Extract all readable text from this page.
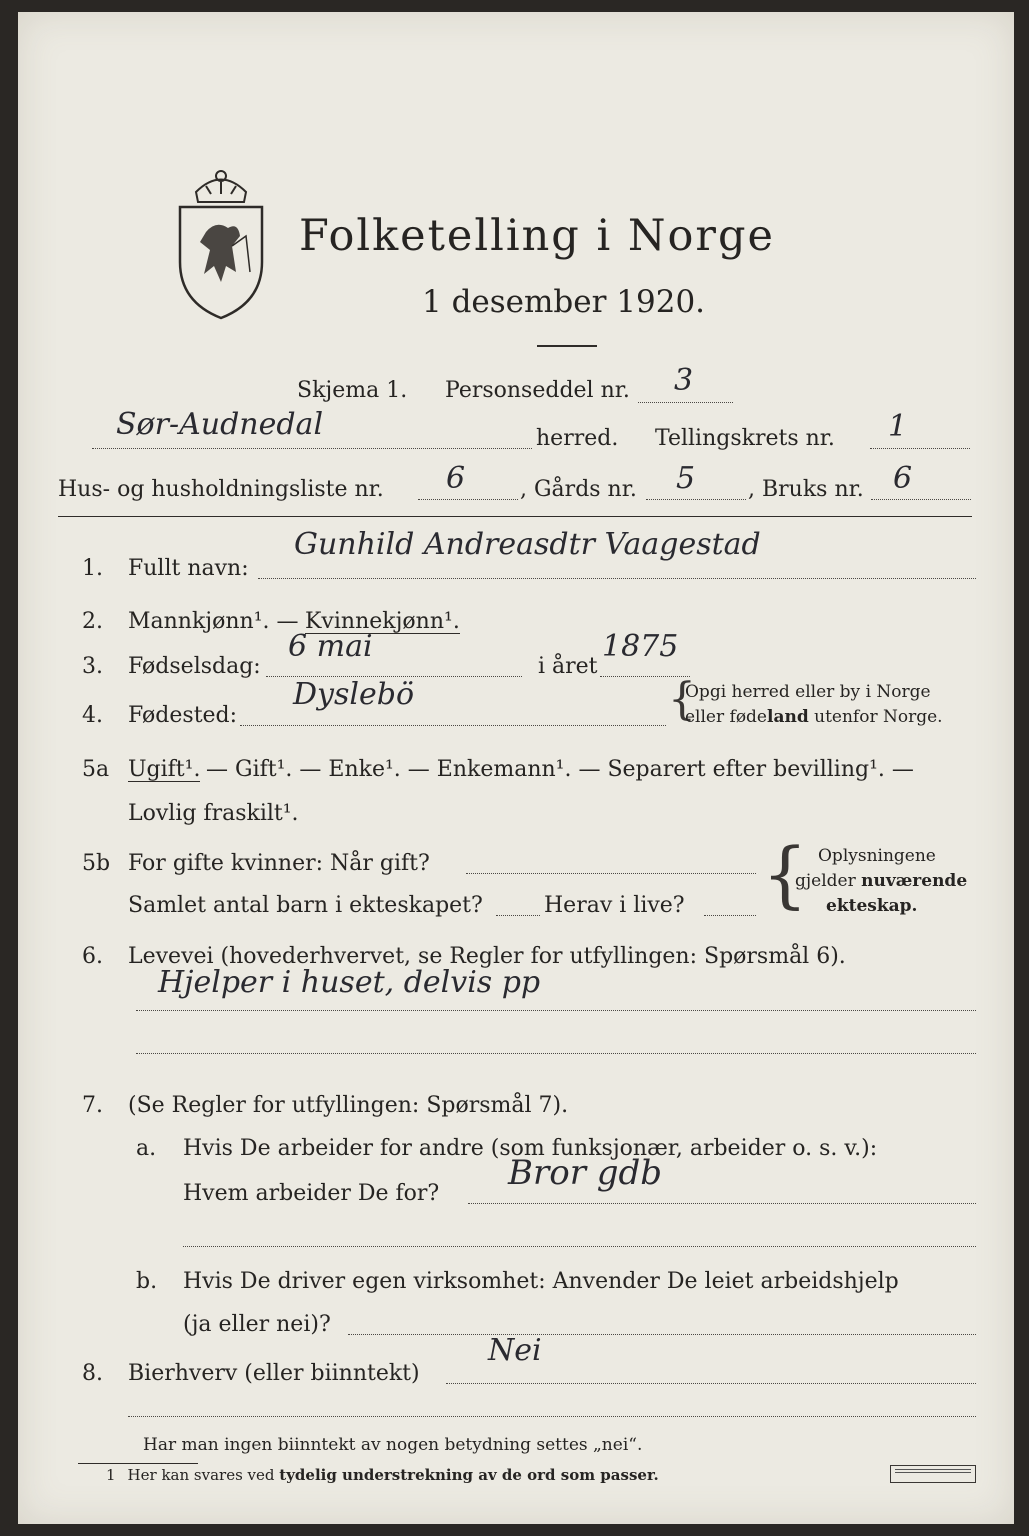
Folketelling i Norge
1 desember 1920.
Skjema 1. Personseddel nr. 3
Sør-Audnedal	herred. Tellingskrets nr. 1
Hus- og husholdningsliste nr. 6 , Gårds nr. 5 , Bruks nr. 6
1. Fullt navn:
Gunhild Andreasdtr Vaagestad
2. Mannkjønn¹. — Kvinnekjønn¹.
3. Fødselsdag:
6 mai
i året
1875
4. Fødested:
Dyslebö	{
Opgi herred eller by i Norge
eller fødeland utenfor Norge.
5a Ugift¹. — Gift¹. — Enke¹. — Enkemann¹. — Separert efter bevilling¹. —
Lovlig fraskilt¹.
5b For gifte kvinner: Når gift?
Samlet antal barn i ekteskapet?	Herav i live? { Oplysningene
gjelder nuværende
ekteskap.
6. Levevei (hovederhvervet, se Regler for utfyllingen: Spørsmål 6).
Hjelper i huset, delvis pp
7. (Se Regler for utfyllingen: Spørsmål 7).
a. Hvis De arbeider for andre (som funksjonær, arbeider o. s. v.):
Hvem arbeider De for?
Bror gdb
b. Hvis De driver egen virksomhet: Anvender De leiet arbeidshjelp
(ja eller nei)?
8. Bierhverv (eller biinntekt)
Nei
Har man ingen biinntekt av nogen betydning settes „nei“.
1 Her kan svares ved tydelig understrekning av de ord som passer.
